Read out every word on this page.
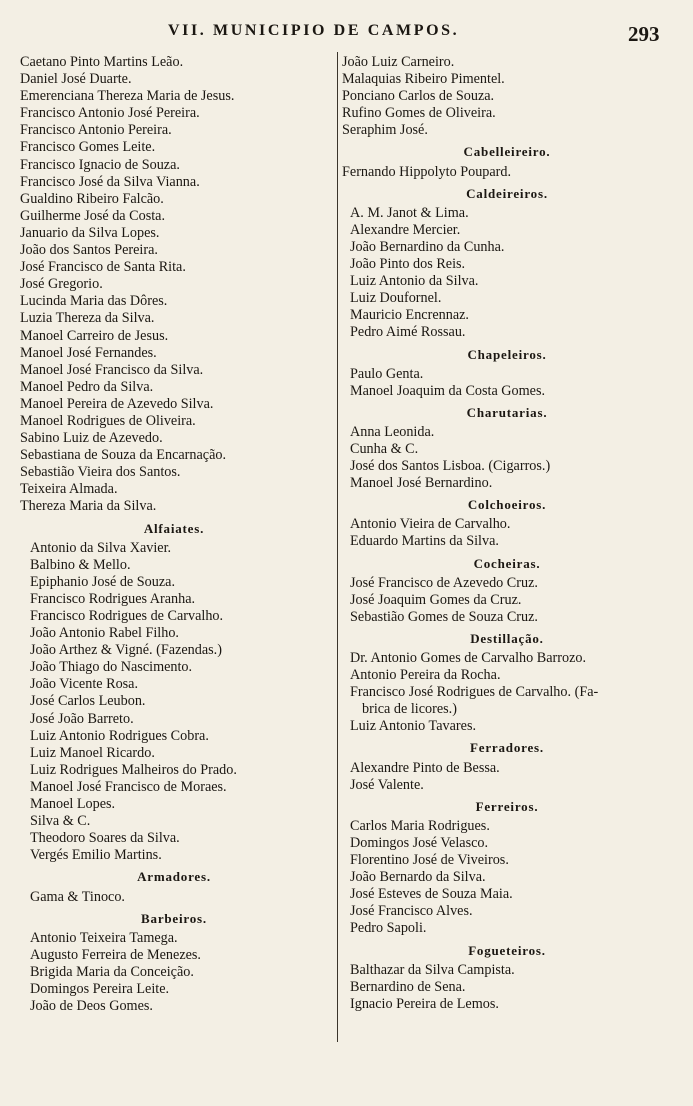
VII. MUNICIPIO DE CAMPOS.	293
Caetano Pinto Martins Leão.
Daniel José Duarte.
Emerenciana Thereza Maria de Jesus.
Francisco Antonio José Pereira.
Francisco Antonio Pereira.
Francisco Gomes Leite.
Francisco Ignacio de Souza.
Francisco José da Silva Vianna.
Gualdino Ribeiro Falcão.
Guilherme José da Costa.
Januario da Silva Lopes.
João dos Santos Pereira.
José Francisco de Santa Rita.
José Gregorio.
Lucinda Maria das Dôres.
Luzia Thereza da Silva.
Manoel Carreiro de Jesus.
Manoel José Fernandes.
Manoel José Francisco da Silva.
Manoel Pedro da Silva.
Manoel Pereira de Azevedo Silva.
Manoel Rodrigues de Oliveira.
Sabino Luiz de Azevedo.
Sebastiana de Souza da Encarnação.
Sebastião Vieira dos Santos.
Teixeira Almada.
Thereza Maria da Silva.
Alfaiates.
Antonio da Silva Xavier.
Balbino & Mello.
Epiphanio José de Souza.
Francisco Rodrigues Aranha.
Francisco Rodrigues de Carvalho.
João Antonio Rabel Filho.
João Arthez & Vigné. (Fazendas.)
João Thiago do Nascimento.
João Vicente Rosa.
José Carlos Leubon.
José João Barreto.
Luiz Antonio Rodrigues Cobra.
Luiz Manoel Ricardo.
Luiz Rodrigues Malheiros do Prado.
Manoel José Francisco de Moraes.
Manoel Lopes.
Silva & C.
Theodoro Soares da Silva.
Vergés Emilio Martins.
Armadores.
Gama & Tinoco.
Barbeiros.
Antonio Teixeira Tamega.
Augusto Ferreira de Menezes.
Brigida Maria da Conceição.
Domingos Pereira Leite.
João de Deos Gomes.
João Luiz Carneiro.
Malaquias Ribeiro Pimentel.
Ponciano Carlos de Souza.
Rufino Gomes de Oliveira.
Seraphim José.
Cabelleireiro.
Fernando Hippolyto Poupard.
Caldeireiros.
A. M. Janot & Lima.
Alexandre Mercier.
João Bernardino da Cunha.
João Pinto dos Reis.
Luiz Antonio da Silva.
Luiz Doufornel.
Mauricio Encrennaz.
Pedro Aimé Rossau.
Chapeleiros.
Paulo Genta.
Manoel Joaquim da Costa Gomes.
Charutarias.
Anna Leonida.
Cunha & C.
José dos Santos Lisboa. (Cigarros.)
Manoel José Bernardino.
Colchoeiros.
Antonio Vieira de Carvalho.
Eduardo Martins da Silva.
Cocheiras.
José Francisco de Azevedo Cruz.
José Joaquim Gomes da Cruz.
Sebastião Gomes de Souza Cruz.
Destillação.
Dr. Antonio Gomes de Carvalho Barrozo.
Antonio Pereira da Rocha.
Francisco José Rodrigues de Carvalho. (Fa-
brica de licores.)
Luiz Antonio Tavares.
Ferradores.
Alexandre Pinto de Bessa.
José Valente.
Ferreiros.
Carlos Maria Rodrigues.
Domingos José Velasco.
Florentino José de Viveiros.
João Bernardo da Silva.
José Esteves de Souza Maia.
José Francisco Alves.
Pedro Sapoli.
Fogueteiros.
Balthazar da Silva Campista.
Bernardino de Sena.
Ignacio Pereira de Lemos.
